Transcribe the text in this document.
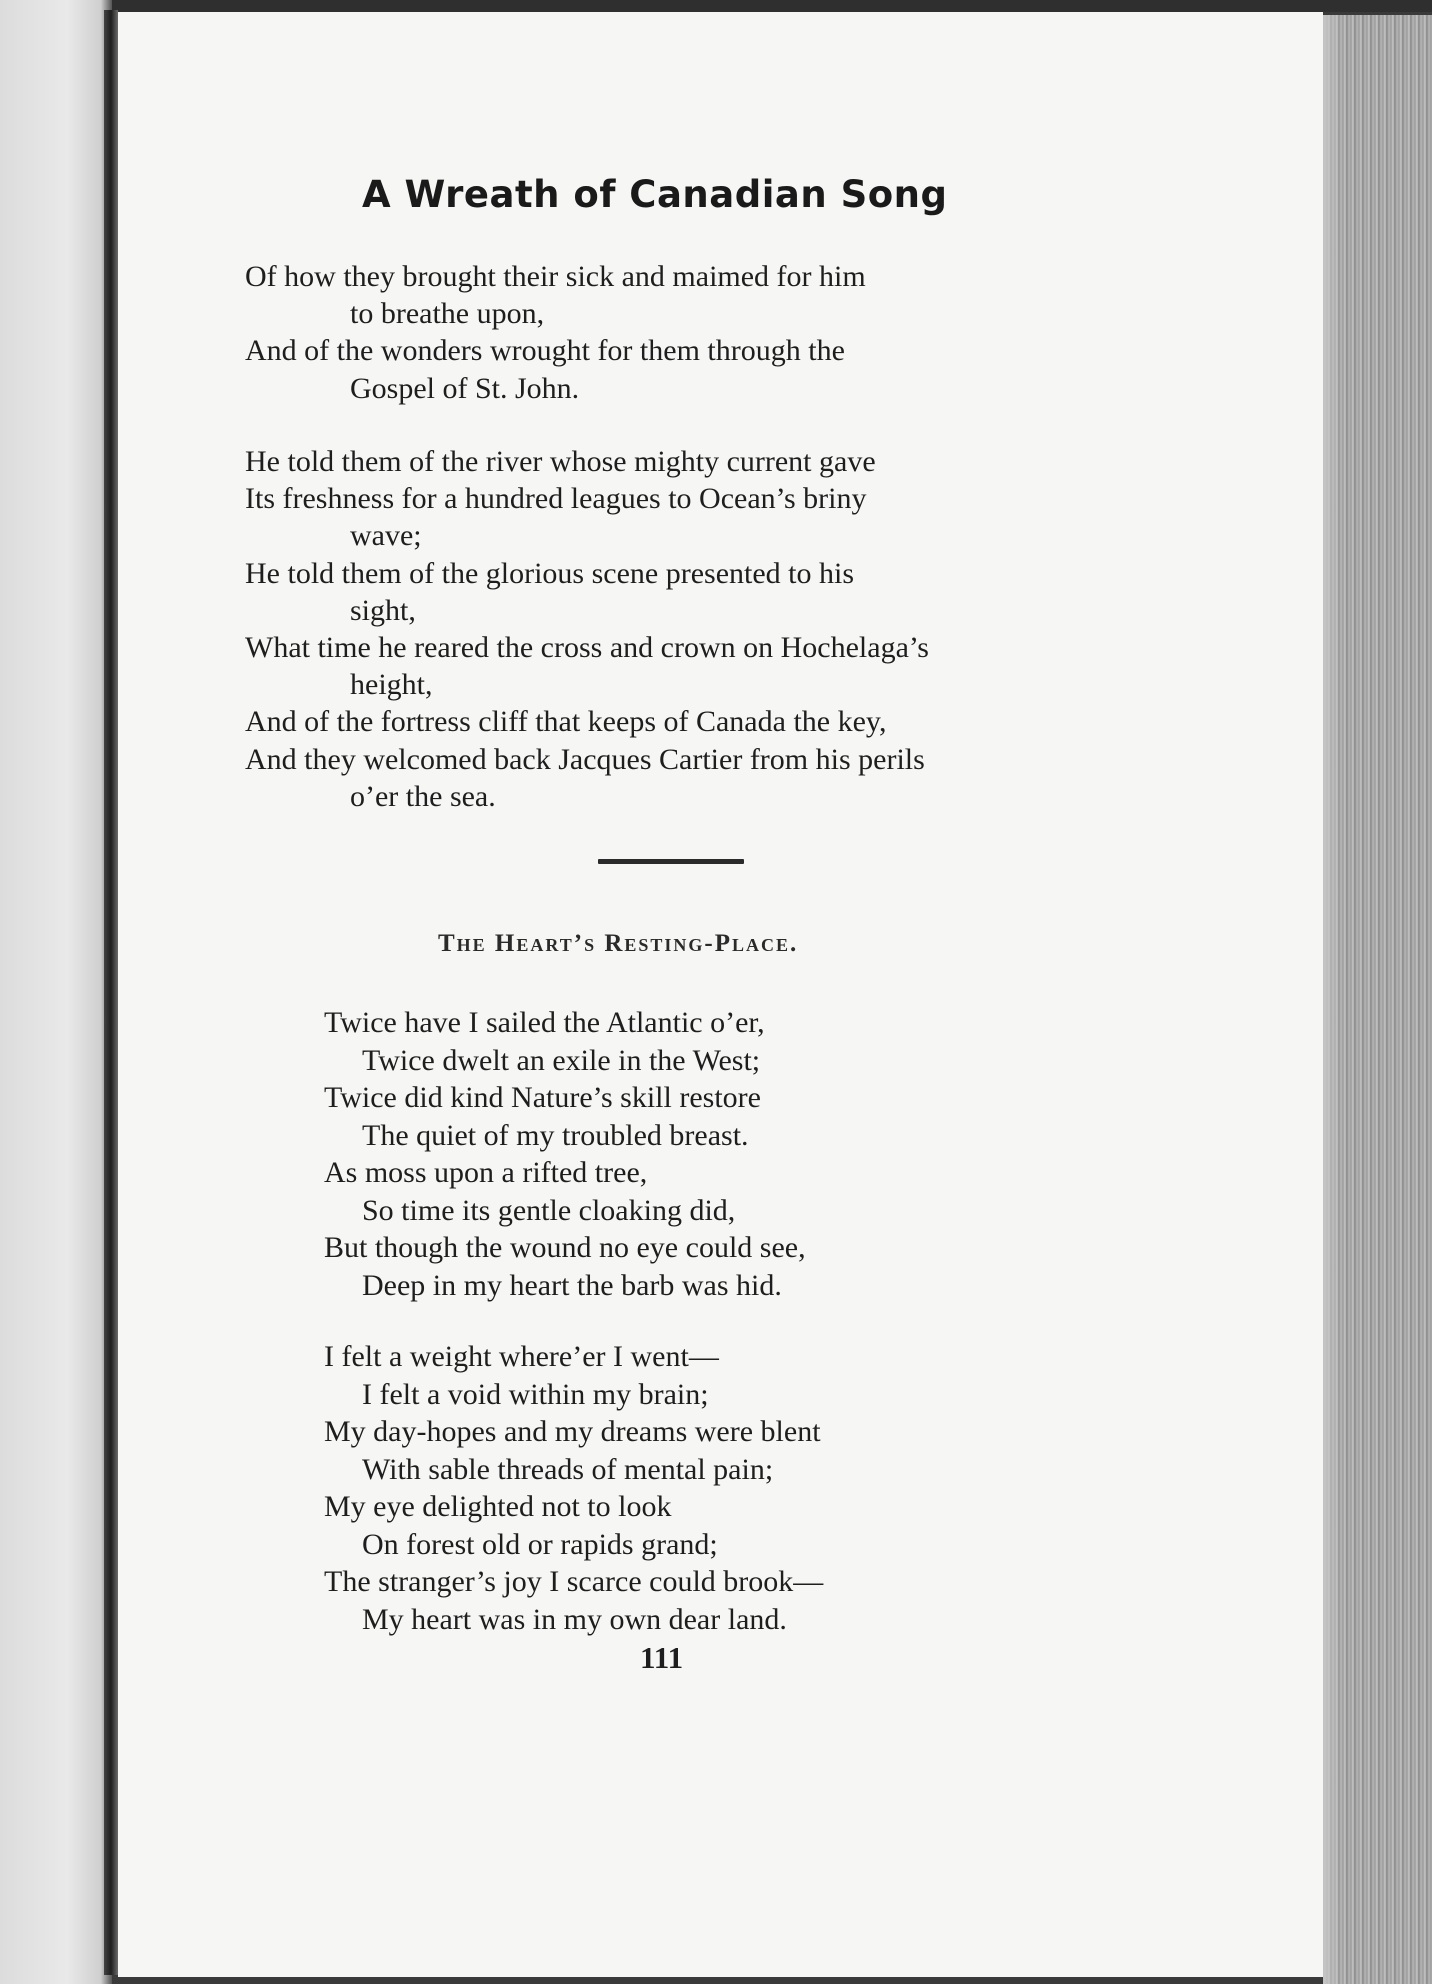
A Wreath of Canadian Song
Of how they brought their sick and maimed for him
to breathe upon,
And of the wonders wrought for them through the
Gospel of St. John.
He told them of the river whose mighty current gave
Its freshness for a hundred leagues to Ocean’s briny
wave;
He told them of the glorious scene presented to his
sight,
What time he reared the cross and crown on Hochelaga’s
height,
And of the fortress cliff that keeps of Canada the key,
And they welcomed back Jacques Cartier from his perils
o’er the sea.
The Heart’s Resting-Place.
Twice have I sailed the Atlantic o’er,
Twice dwelt an exile in the West;
Twice did kind Nature’s skill restore
The quiet of my troubled breast.
As moss upon a rifted tree,
So time its gentle cloaking did,
But though the wound no eye could see,
Deep in my heart the barb was hid.
I felt a weight where’er I went—
I felt a void within my brain;
My day-hopes and my dreams were blent
With sable threads of mental pain;
My eye delighted not to look
On forest old or rapids grand;
The stranger’s joy I scarce could brook—
My heart was in my own dear land.

111
